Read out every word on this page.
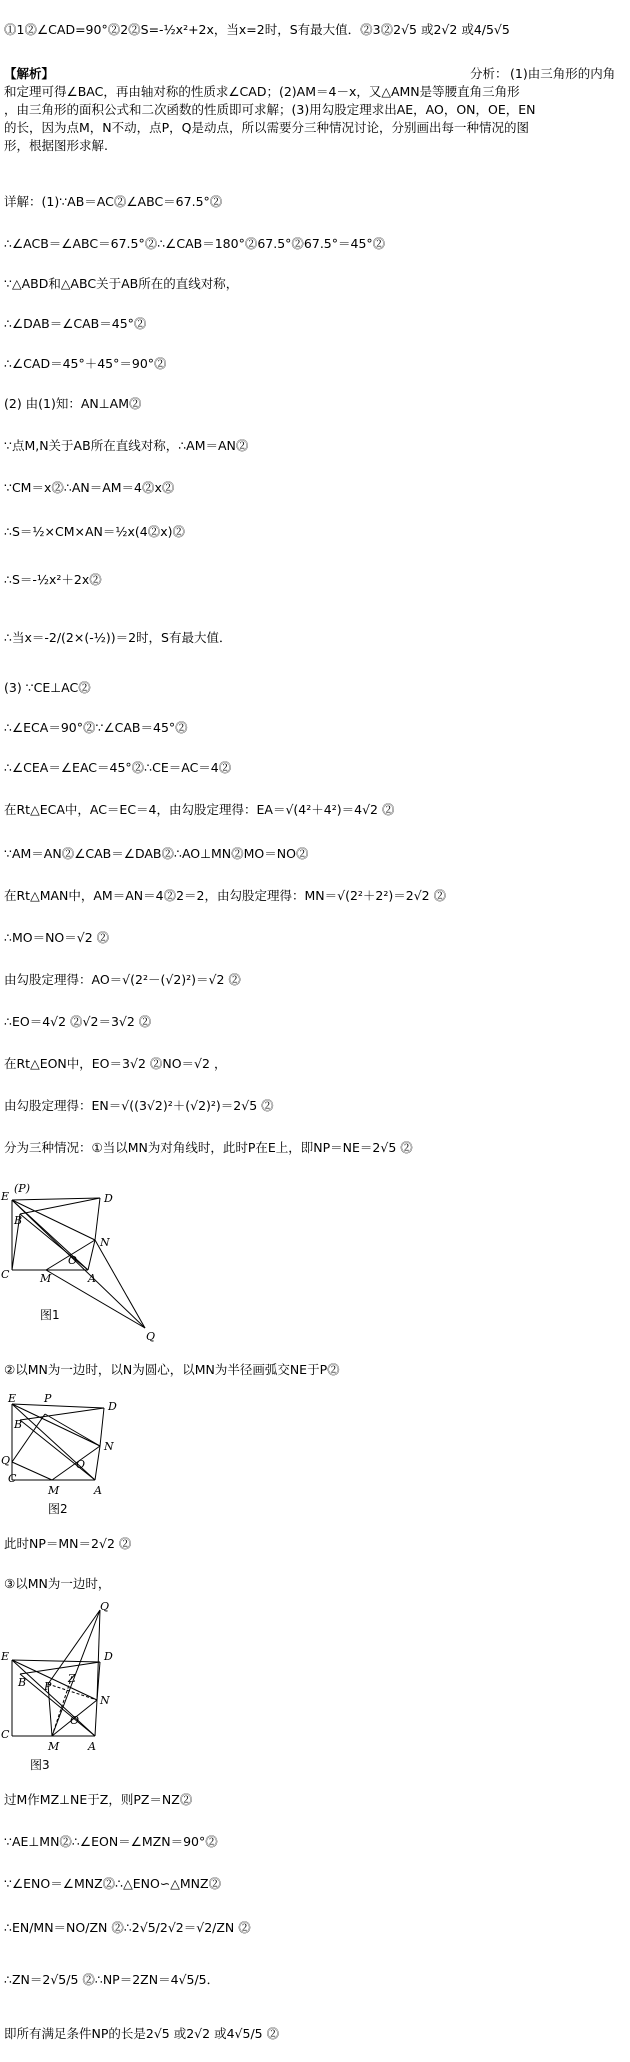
⓵1⓶∠CAD=90°⓶2⓶S=-½x²+2x，当x=2时，S有最大值．⓶3⓶2√5 或2√2 或4/5√5
【解析】	分析： (1)由三角形的内角
和定理可得∠BAC，再由轴对称的性质求∠CAD；(2)AM＝4－x，又△AMN是等腰直角三角形
，由三角形的面积公式和二次函数的性质即可求解；(3)用勾股定理求出AE，AO，ON，OE，EN
的长，因为点M，N不动，点P，Q是动点，所以需要分三种情况讨论，分别画出每一种情况的图
形，根据图形求解.
详解：(1)∵AB＝AC⓶∠ABC＝67.5°⓶
∴∠ACB＝∠ABC＝67.5°⓶∴∠CAB＝180°⓶67.5°⓶67.5°＝45°⓶
∵△ABD和△ABC关于AB所在的直线对称，
∴∠DAB＝∠CAB＝45°⓶
∴∠CAD＝45°＋45°＝90°⓶
(2) 由(1)知：AN⊥AM⓶
∵点M,N关于AB所在直线对称，∴AM＝AN⓶
∵CM＝x⓶∴AN＝AM＝4⓶x⓶
∴S＝½×CM×AN＝½x(4⓶x)⓶
∴S＝-½x²＋2x⓶
∴当x＝-2/(2×(-½))＝2时，S有最大值．
(3) ∵CE⊥AC⓶
∴∠ECA＝90°⓶∵∠CAB＝45°⓶
∴∠CEA＝∠EAC＝45°⓶∴CE＝AC＝4⓶
在Rt△ECA中，AC＝EC＝4，由勾股定理得：EA＝√(4²＋4²)＝4√2 ⓶
∵AM＝AN⓶∠CAB＝∠DAB⓶∴AO⊥MN⓶MO＝NO⓶
在Rt△MAN中，AM＝AN＝4⓶2＝2，由勾股定理得：MN＝√(2²＋2²)＝2√2 ⓶
∴MO＝NO＝√2 ⓶
由勾股定理得：AO＝√(2²－(√2)²)＝√2 ⓶
∴EO＝4√2 ⓶√2＝3√2 ⓶
在Rt△EON中，EO＝3√2 ⓶NO＝√2 ，
由勾股定理得：EN＝√((3√2)²＋(√2)²)＝2√5 ⓶
分为三种情况：①当以MN为对角线时，此时P在E上，即NP＝NE＝2√5 ⓶
E
(P)
D
B
N
C
O
M	A
Q
图1
②以MN为一边时，以N为圆心，以MN为半径画弧交NE于P⓶
E	P
D
B
N
Q	O
C
M	A
图2
此时NP＝MN＝2√2 ⓶
③以MN为一边时，
Q
D
E
B P
Z
N
O
C
M	A
图3
过M作MZ⊥NE于Z，则PZ＝NZ⓶
∵AE⊥MN⓶∴∠EON＝∠MZN＝90°⓶
∵∠ENO＝∠MNZ⓶∴△ENO∽△MNZ⓶
∴EN/MN＝NO/ZN ⓶∴2√5/2√2＝√2/ZN ⓶
∴ZN＝2√5/5 ⓶∴NP＝2ZN＝4√5/5．
即所有满足条件NP的长是2√5 或2√2 或4√5/5 ⓶
